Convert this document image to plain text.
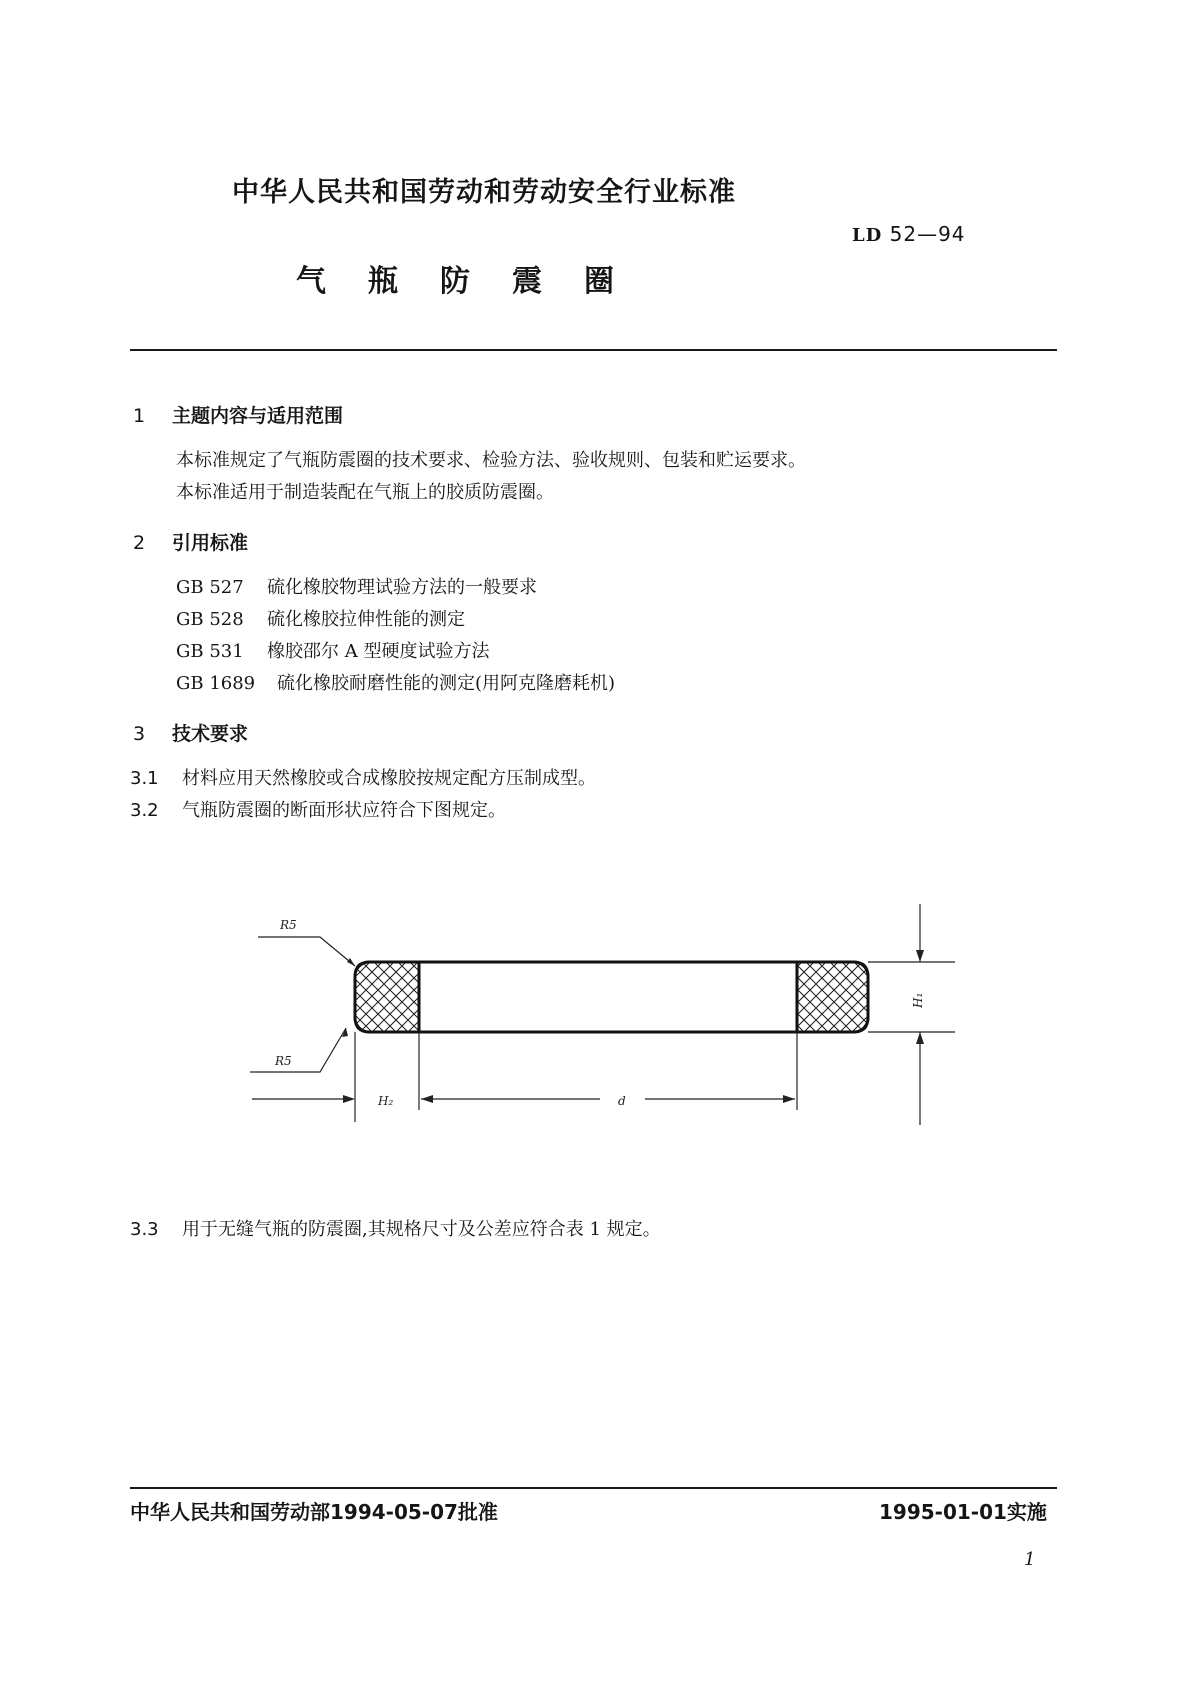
中华人民共和国劳动和劳动安全行业标准
LD 52—94
气瓶防震圈
1 主题内容与适用范围
本标准规定了气瓶防震圈的技术要求、检验方法、验收规则、包装和贮运要求。
本标准适用于制造装配在气瓶上的胶质防震圈。
2 引用标准
GB 527 硫化橡胶物理试验方法的一般要求
GB 528 硫化橡胶拉伸性能的测定
GB 531 橡胶邵尔 A 型硬度试验方法
GB 1689 硫化橡胶耐磨性能的测定(用阿克隆磨耗机)
3 技术要求
3.1 材料应用天然橡胶或合成橡胶按规定配方压制成型。
3.2 气瓶防震圈的断面形状应符合下图规定。
R5
R5
H₁
H₂	d
3.3 用于无缝气瓶的防震圈,其规格尺寸及公差应符合表 1 规定。
中华人民共和国劳动部1994-05-07批准	1995-01-01实施
1
